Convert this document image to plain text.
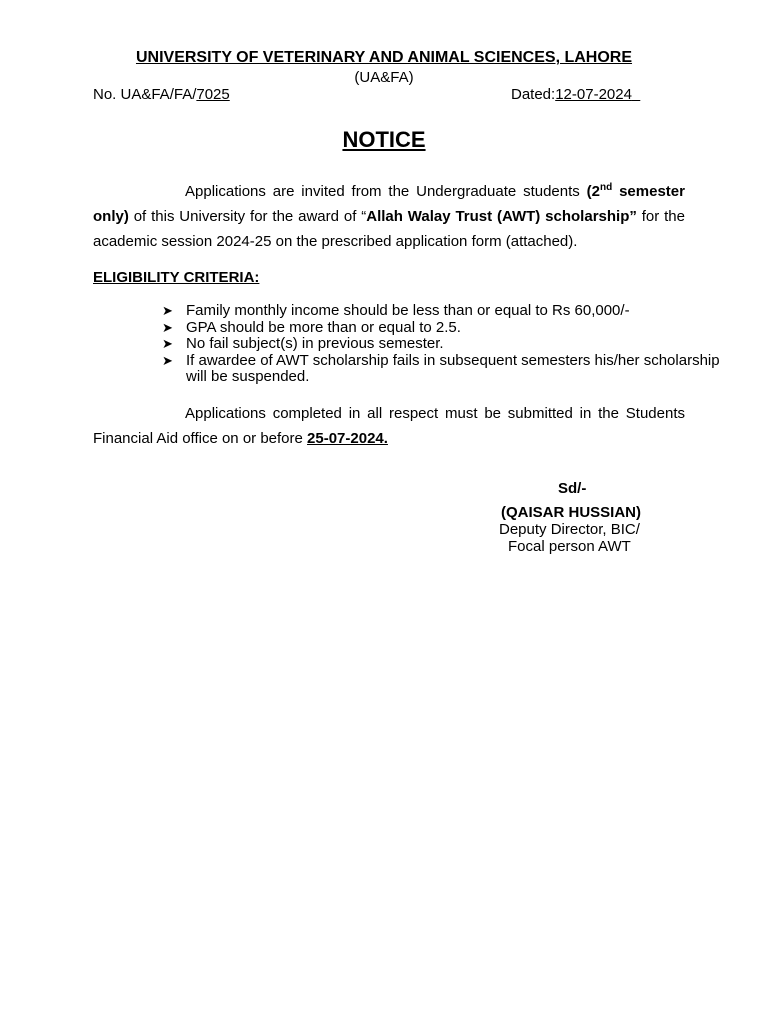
UNIVERSITY OF VETERINARY AND ANIMAL SCIENCES, LAHORE
(UA&FA)
No. UA&FA/FA/7025	Dated:12-07-2024
NOTICE
Applications are invited from the Undergraduate students (2nd semester only) of this University for the award of “Allah Walay Trust (AWT) scholarship” for the academic session 2024-25 on the prescribed application form (attached).
ELIGIBILITY CRITERIA:
➤ Family monthly income should be less than or equal to Rs 60,000/-
➤ GPA should be more than or equal to 2.5.
➤ No fail subject(s) in previous semester.
➤ If awardee of AWT scholarship fails in subsequent semesters his/her scholarship will be suspended.
Applications completed in all respect must be submitted in the Students Financial Aid office on or before 25-07-2024.
Sd/-
(QAISAR HUSSIAN)
Deputy Director, BIC/
Focal person AWT
